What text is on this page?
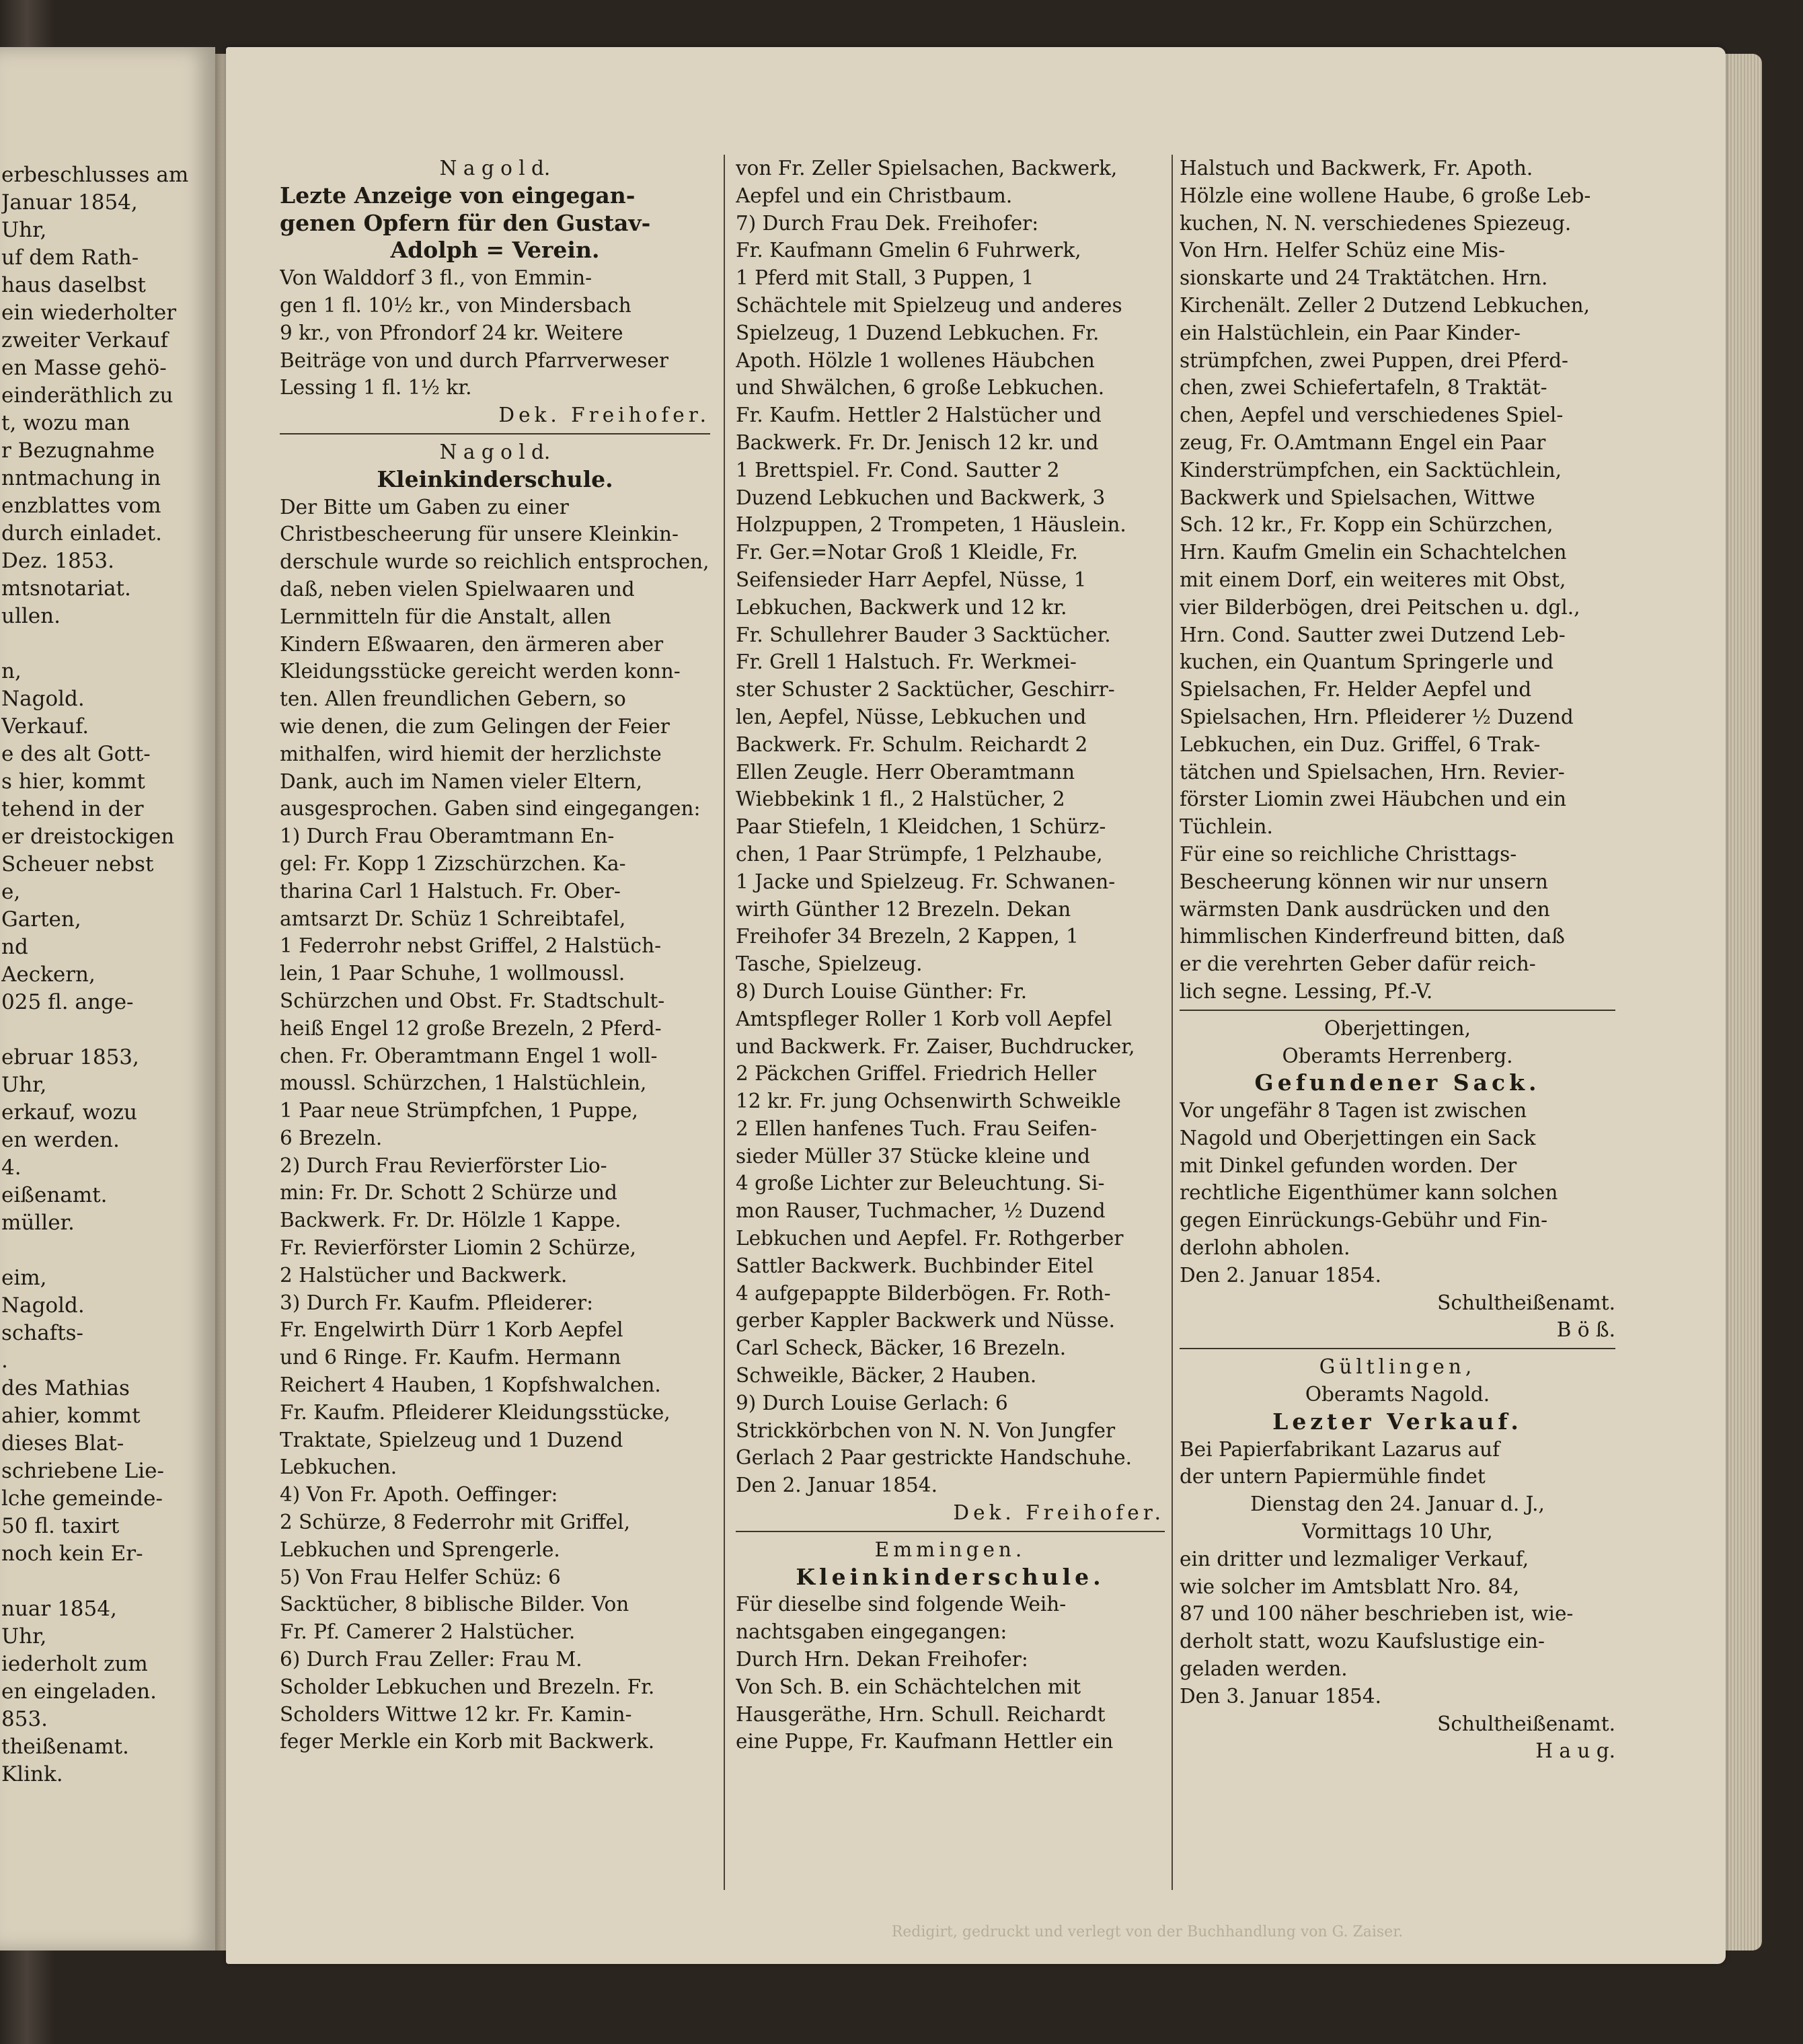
erbeschlusses am
Januar 1854,
Uhr,
uf dem Rath-
haus daselbst
ein wiederholter
zweiter Verkauf
en Masse gehö-
einderäthlich zu
t, wozu man
r Bezugnahme
nntmachung in
enzblattes vom
durch einladet.
Dez. 1853.
mtsnotariat.
ullen.
n,
Nagold.
Verkauf.
e des alt Gott-
s hier, kommt
tehend in der
er dreistockigen
Scheuer nebst
e,
Garten,
nd
Aeckern,
025 fl. ange-
ebruar 1853,
Uhr,
erkauf, wozu
en werden.
4.
eißenamt.
müller.
eim,
Nagold.
schafts-
.
des Mathias
ahier, kommt
dieses Blat-
schriebene Lie-
lche gemeinde-
50 fl. taxirt
noch kein Er-
nuar 1854,
Uhr,
iederholt zum
en eingeladen.
853.
theißenamt.
Klink.
N a g o l d.
Lezte Anzeige von eingegan-
genen Opfern für den Gustav-
Adolph = Verein.
Von Walddorf 3 fl., von Emmin-
gen 1 fl. 10½ kr., von Mindersbach
9 kr., von Pfrondorf 24 kr. Weitere
Beiträge von und durch Pfarrverweser
Lessing 1 fl. 1½ kr.
Dek. Freihofer.
N a g o l d.
Kleinkinderschule.
Der Bitte um Gaben zu einer
Christbescheerung für unsere Kleinkin-
derschule wurde so reichlich entsprochen,
daß, neben vielen Spielwaaren und
Lernmitteln für die Anstalt, allen
Kindern Eßwaaren, den ärmeren aber
Kleidungsstücke gereicht werden konn-
ten. Allen freundlichen Gebern, so
wie denen, die zum Gelingen der Feier
mithalfen, wird hiemit der herzlichste
Dank, auch im Namen vieler Eltern,
ausgesprochen. Gaben sind eingegangen:
1) Durch Frau Oberamtmann En-
gel: Fr. Kopp 1 Zizschürzchen. Ka-
tharina Carl 1 Halstuch. Fr. Ober-
amtsarzt Dr. Schüz 1 Schreibtafel,
1 Federrohr nebst Griffel, 2 Halstüch-
lein, 1 Paar Schuhe, 1 wollmoussl.
Schürzchen und Obst. Fr. Stadtschult-
heiß Engel 12 große Brezeln, 2 Pferd-
chen. Fr. Oberamtmann Engel 1 woll-
moussl. Schürzchen, 1 Halstüchlein,
1 Paar neue Strümpfchen, 1 Puppe,
6 Brezeln.
2) Durch Frau Revierförster Lio-
min: Fr. Dr. Schott 2 Schürze und
Backwerk. Fr. Dr. Hölzle 1 Kappe.
Fr. Revierförster Liomin 2 Schürze,
2 Halstücher und Backwerk.
3) Durch Fr. Kaufm. Pfleiderer:
Fr. Engelwirth Dürr 1 Korb Aepfel
und 6 Ringe. Fr. Kaufm. Hermann
Reichert 4 Hauben, 1 Kopfshwalchen.
Fr. Kaufm. Pfleiderer Kleidungsstücke,
Traktate, Spielzeug und 1 Duzend
Lebkuchen.
4) Von Fr. Apoth. Oeffinger:
2 Schürze, 8 Federrohr mit Griffel,
Lebkuchen und Sprengerle.
5) Von Frau Helfer Schüz: 6
Sacktücher, 8 biblische Bilder. Von
Fr. Pf. Camerer 2 Halstücher.
6) Durch Frau Zeller: Frau M.
Scholder Lebkuchen und Brezeln. Fr.
Scholders Wittwe 12 kr. Fr. Kamin-
feger Merkle ein Korb mit Backwerk.
von Fr. Zeller Spielsachen, Backwerk,
Aepfel und ein Christbaum.
7) Durch Frau Dek. Freihofer:
Fr. Kaufmann Gmelin 6 Fuhrwerk,
1 Pferd mit Stall, 3 Puppen, 1
Schächtele mit Spielzeug und anderes
Spielzeug, 1 Duzend Lebkuchen. Fr.
Apoth. Hölzle 1 wollenes Häubchen
und Shwälchen, 6 große Lebkuchen.
Fr. Kaufm. Hettler 2 Halstücher und
Backwerk. Fr. Dr. Jenisch 12 kr. und
1 Brettspiel. Fr. Cond. Sautter 2
Duzend Lebkuchen und Backwerk, 3
Holzpuppen, 2 Trompeten, 1 Häuslein.
Fr. Ger.=Notar Groß 1 Kleidle, Fr.
Seifensieder Harr Aepfel, Nüsse, 1
Lebkuchen, Backwerk und 12 kr.
Fr. Schullehrer Bauder 3 Sacktücher.
Fr. Grell 1 Halstuch. Fr. Werkmei-
ster Schuster 2 Sacktücher, Geschirr-
len, Aepfel, Nüsse, Lebkuchen und
Backwerk. Fr. Schulm. Reichardt 2
Ellen Zeugle. Herr Oberamtmann
Wiebbekink 1 fl., 2 Halstücher, 2
Paar Stiefeln, 1 Kleidchen, 1 Schürz-
chen, 1 Paar Strümpfe, 1 Pelzhaube,
1 Jacke und Spielzeug. Fr. Schwanen-
wirth Günther 12 Brezeln. Dekan
Freihofer 34 Brezeln, 2 Kappen, 1
Tasche, Spielzeug.
8) Durch Louise Günther: Fr.
Amtspfleger Roller 1 Korb voll Aepfel
und Backwerk. Fr. Zaiser, Buchdrucker,
2 Päckchen Griffel. Friedrich Heller
12 kr. Fr. jung Ochsenwirth Schweikle
2 Ellen hanfenes Tuch. Frau Seifen-
sieder Müller 37 Stücke kleine und
4 große Lichter zur Beleuchtung. Si-
mon Rauser, Tuchmacher, ½ Duzend
Lebkuchen und Aepfel. Fr. Rothgerber
Sattler Backwerk. Buchbinder Eitel
4 aufgepappte Bilderbögen. Fr. Roth-
gerber Kappler Backwerk und Nüsse.
Carl Scheck, Bäcker, 16 Brezeln.
Schweikle, Bäcker, 2 Hauben.
9) Durch Louise Gerlach: 6
Strickkörbchen von N. N. Von Jungfer
Gerlach 2 Paar gestrickte Handschuhe.
Den 2. Januar 1854.
Dek. Freihofer.
Emmingen.
Kleinkinderschule.
Für dieselbe sind folgende Weih-
nachtsgaben eingegangen:
Durch Hrn. Dekan Freihofer:
Von Sch. B. ein Schächtelchen mit
Hausgeräthe, Hrn. Schull. Reichardt
eine Puppe, Fr. Kaufmann Hettler ein
Halstuch und Backwerk, Fr. Apoth.
Hölzle eine wollene Haube, 6 große Leb-
kuchen, N. N. verschiedenes Spiezeug.
Von Hrn. Helfer Schüz eine Mis-
sionskarte und 24 Traktätchen. Hrn.
Kirchenält. Zeller 2 Dutzend Lebkuchen,
ein Halstüchlein, ein Paar Kinder-
strümpfchen, zwei Puppen, drei Pferd-
chen, zwei Schiefertafeln, 8 Traktät-
chen, Aepfel und verschiedenes Spiel-
zeug, Fr. O.Amtmann Engel ein Paar
Kinderstrümpfchen, ein Sacktüchlein,
Backwerk und Spielsachen, Wittwe
Sch. 12 kr., Fr. Kopp ein Schürzchen,
Hrn. Kaufm Gmelin ein Schachtelchen
mit einem Dorf, ein weiteres mit Obst,
vier Bilderbögen, drei Peitschen u. dgl.,
Hrn. Cond. Sautter zwei Dutzend Leb-
kuchen, ein Quantum Springerle und
Spielsachen, Fr. Helder Aepfel und
Spielsachen, Hrn. Pfleiderer ½ Duzend
Lebkuchen, ein Duz. Griffel, 6 Trak-
tätchen und Spielsachen, Hrn. Revier-
förster Liomin zwei Häubchen und ein
Tüchlein.
Für eine so reichliche Christtags-
Bescheerung können wir nur unsern
wärmsten Dank ausdrücken und den
himmlischen Kinderfreund bitten, daß
er die verehrten Geber dafür reich-
lich segne. Lessing, Pf.-V.
Oberjettingen,
Oberamts Herrenberg.
Gefundener Sack.
Vor ungefähr 8 Tagen ist zwischen
Nagold und Oberjettingen ein Sack
mit Dinkel gefunden worden. Der
rechtliche Eigenthümer kann solchen
gegen Einrückungs-Gebühr und Fin-
derlohn abholen.
Den 2. Januar 1854.
Schultheißenamt.
B ö ß.
Gültlingen,
Oberamts Nagold.
Lezter Verkauf.
Bei Papierfabrikant Lazarus auf
der untern Papiermühle findet
Dienstag den 24. Januar d. J.,
Vormittags 10 Uhr,
ein dritter und lezmaliger Verkauf,
wie solcher im Amtsblatt Nro. 84,
87 und 100 näher beschrieben ist, wie-
derholt statt, wozu Kaufslustige ein-
geladen werden.
Den 3. Januar 1854.
Schultheißenamt.
H a u g.
Redigirt, gedruckt und verlegt von der Buchhandlung von G. Zaiser.
